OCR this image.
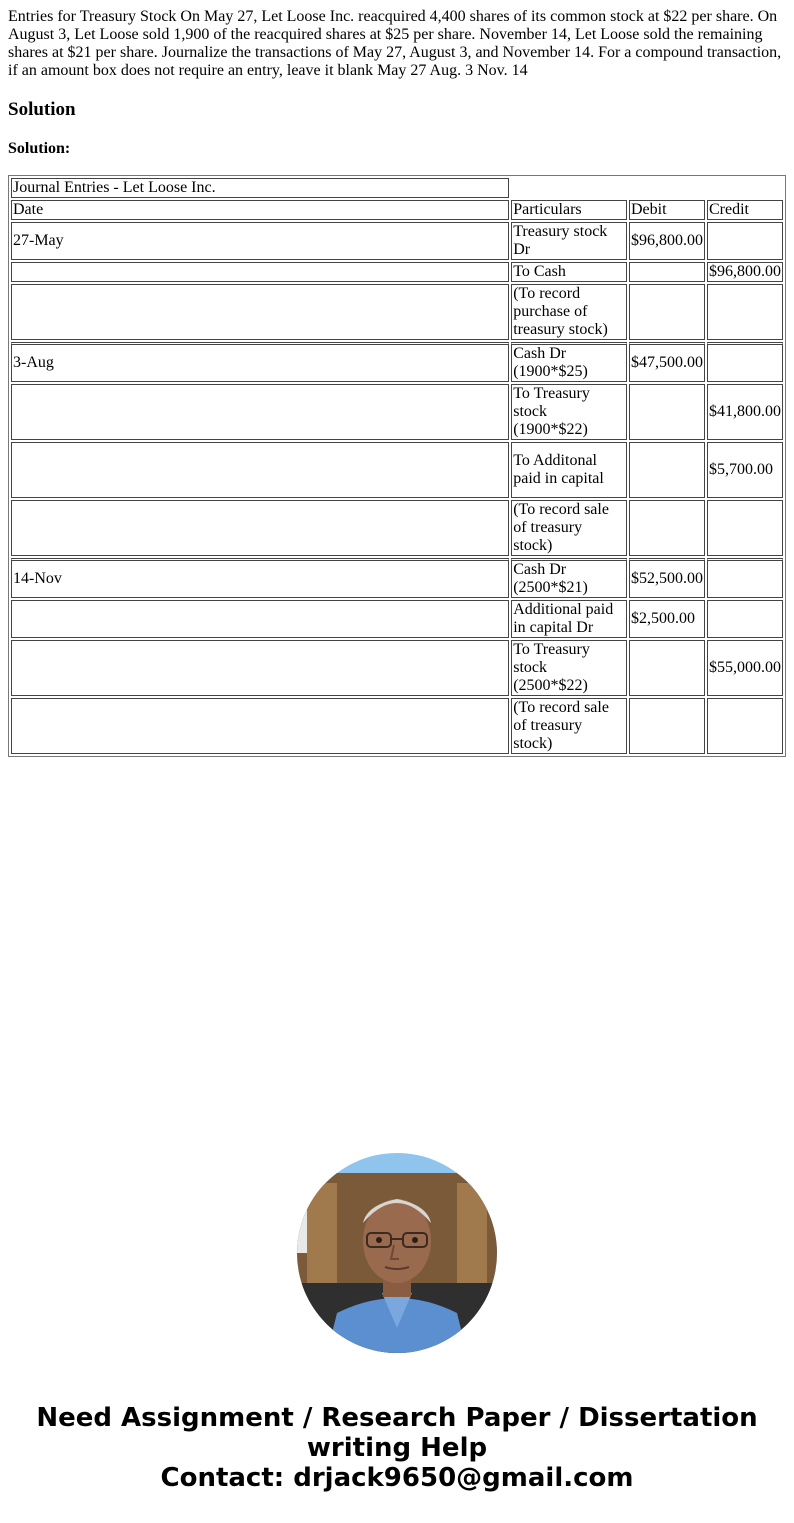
Entries for Treasury Stock On May 27, Let Loose Inc. reacquired 4,400 shares of its common stock at $22 per share. On August 3, Let Loose sold 1,900 of the reacquired shares at $25 per share. November 14, Let Loose sold the remaining shares at $21 per share. Journalize the transactions of May 27, August 3, and November 14. For a compound transaction, if an amount box does not require an entry, leave it blank May 27 Aug. 3 Nov. 14

Solution

Solution:

Journal Entries - Let Loose Inc.			
Date	Particulars	Debit	Credit
27-May	Treasury stock Dr	$96,800.00	
	To Cash		$96,800.00
	(To record purchase of treasury stock)		
3-Aug	Cash Dr (1900*$25)	$47,500.00	
	To Treasury stock (1900*$22)		$41,800.00
	To Additonal paid in capital		$5,700.00
	(To record sale of treasury stock)		
14-Nov	Cash Dr (2500*$21)	$52,500.00	
	Additional paid in capital Dr	$2,500.00	
	To Treasury stock (2500*$22)		$55,000.00
	(To record sale of treasury stock)		
Need Assignment / Research Paper / Dissertation
writing Help
Contact: drjack9650@gmail.com
